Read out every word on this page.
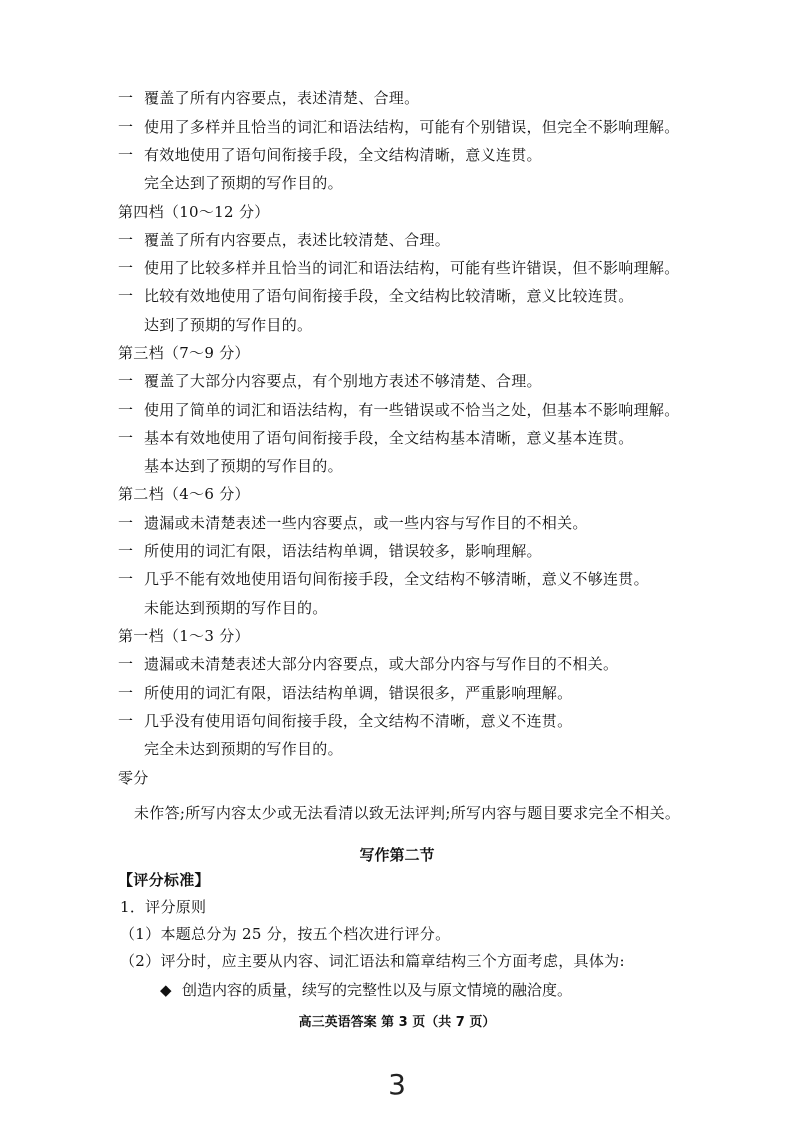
一 覆盖了所有内容要点，表述清楚、合理。
一 使用了多样并且恰当的词汇和语法结构，可能有个别错误，但完全不影响理解。
一 有效地使用了语句间衔接手段，全文结构清晰，意义连贯。
完全达到了预期的写作目的。
第四档（10～12 分）
一 覆盖了所有内容要点，表述比较清楚、合理。
一 使用了比较多样并且恰当的词汇和语法结构，可能有些许错误，但不影响理解。
一 比较有效地使用了语句间衔接手段，全文结构比较清晰，意义比较连贯。
达到了预期的写作目的。
第三档（7～9 分）
一 覆盖了大部分内容要点，有个别地方表述不够清楚、合理。
一 使用了简单的词汇和语法结构，有一些错误或不恰当之处，但基本不影响理解。
一 基本有效地使用了语句间衔接手段，全文结构基本清晰，意义基本连贯。
基本达到了预期的写作目的。
第二档（4～6 分）
一 遗漏或未清楚表述一些内容要点，或一些内容与写作目的不相关。
一 所使用的词汇有限，语法结构单调，错误较多，影响理解。
一 几乎不能有效地使用语句间衔接手段，全文结构不够清晰，意义不够连贯。
未能达到预期的写作目的。
第一档（1～3 分）
一 遗漏或未清楚表述大部分内容要点，或大部分内容与写作目的不相关。
一 所使用的词汇有限，语法结构单调，错误很多，严重影响理解。
一 几乎没有使用语句间衔接手段，全文结构不清晰，意义不连贯。
完全未达到预期的写作目的。
零分
未作答;所写内容太少或无法看清以致无法评判;所写内容与题目要求完全不相关。
写作第二节
【评分标准】
1．评分原则
（1）本题总分为 25 分，按五个档次进行评分。
（2）评分时，应主要从内容、词汇语法和篇章结构三个方面考虑，具体为:
◆ 创造内容的质量，续写的完整性以及与原文情境的融洽度。
高三英语答案 第 3 页（共 7 页）
3
